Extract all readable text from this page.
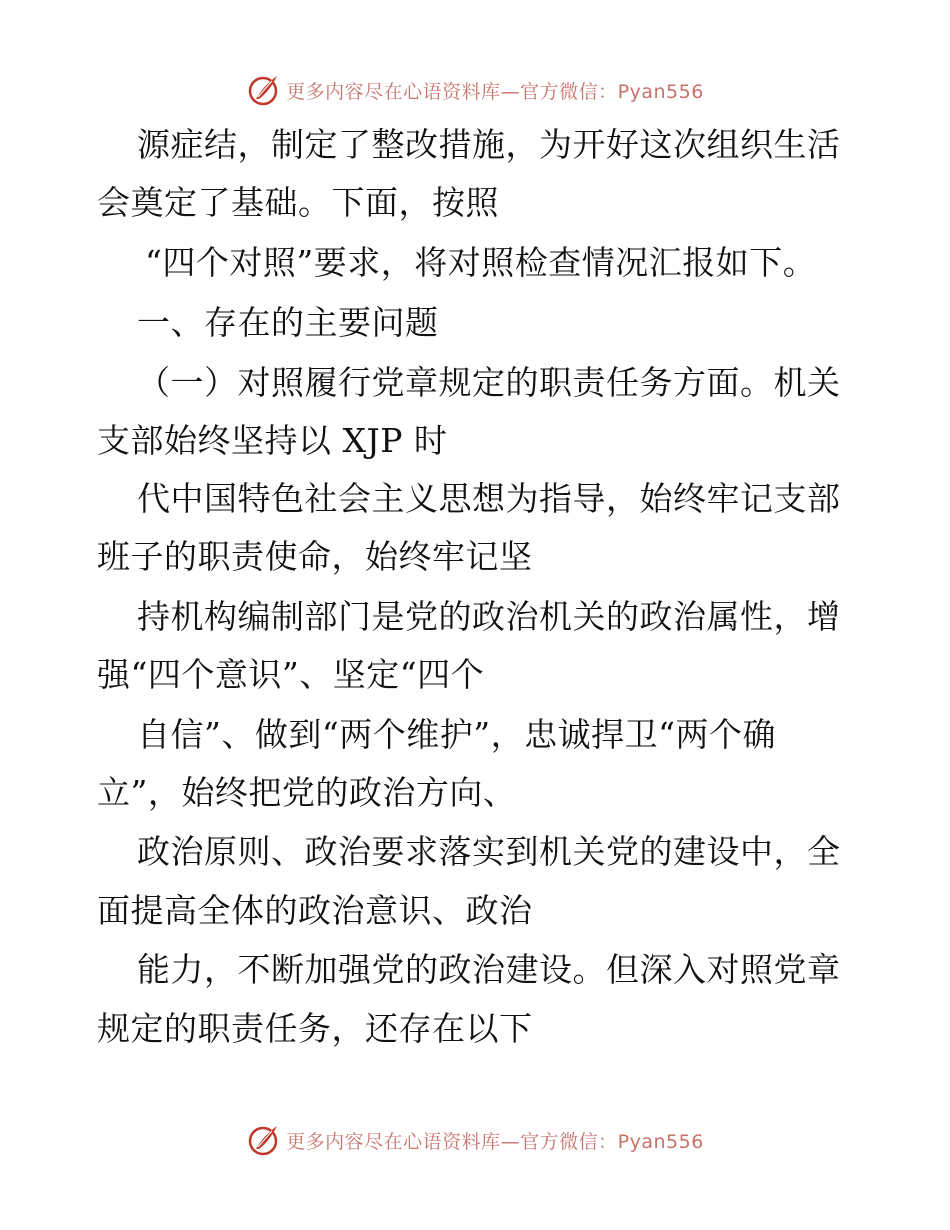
更多内容尽在心语资料库—官方微信：Pyan556
源症结，制定了整改措施，为开好这次组织生活
会奠定了基础。下面，按照
“四个对照”要求，将对照检查情况汇报如下。
一、存在的主要问题
（一）对照履行党章规定的职责任务方面。机关
支部始终坚持以 XJP 时
代中国特色社会主义思想为指导，始终牢记支部
班子的职责使命，始终牢记坚
持机构编制部门是党的政治机关的政治属性，增
强“四个意识”、坚定“四个
自信”、做到“两个维护”，忠诚捍卫“两个确
立”，始终把党的政治方向、
政治原则、政治要求落实到机关党的建设中，全
面提高全体的政治意识、政治
能力，不断加强党的政治建设。但深入对照党章
规定的职责任务，还存在以下
更多内容尽在心语资料库—官方微信：Pyan556
